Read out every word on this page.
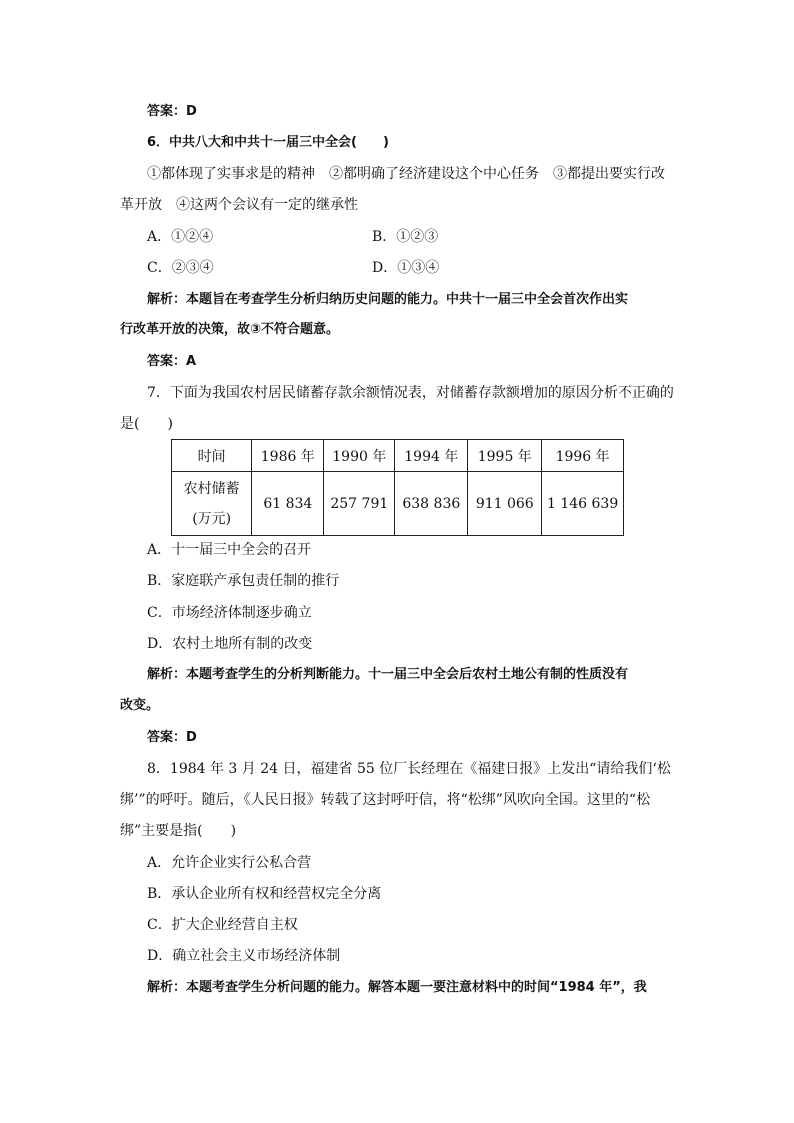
答案：D
6．中共八大和中共十一届三中全会(　　)
①都体现了实事求是的精神　②都明确了经济建设这个中心任务　③都提出要实行改
革开放　④这两个会议有一定的继承性
A．①②④	B．①②③
C．②③④	D．①③④
解析：本题旨在考查学生分析归纳历史问题的能力。中共十一届三中全会首次作出实
行改革开放的决策，故③不符合题意。
答案：A
7．下面为我国农村居民储蓄存款余额情况表，对储蓄存款额增加的原因分析不正确的
是(　　)
时间	1986 年	1990 年	1994 年	1995 年	1996 年

农村储蓄
(万元)	61 834	257 791	638 836	911 066	1 146 639
A．十一届三中全会的召开
B．家庭联产承包责任制的推行
C．市场经济体制逐步确立
D．农村土地所有制的改变
解析：本题考查学生的分析判断能力。十一届三中全会后农村土地公有制的性质没有
改变。
答案：D
8．1984 年 3 月 24 日，福建省 55 位厂长经理在《福建日报》上发出“请给我们‘松
绑’”的呼吁。随后，《人民日报》转载了这封呼吁信，将“松绑”风吹向全国。这里的“松
绑”主要是指(　　)
A．允许企业实行公私合营
B．承认企业所有权和经营权完全分离
C．扩大企业经营自主权
D．确立社会主义市场经济体制
解析：本题考查学生分析问题的能力。解答本题一要注意材料中的时间“1984 年”，我
